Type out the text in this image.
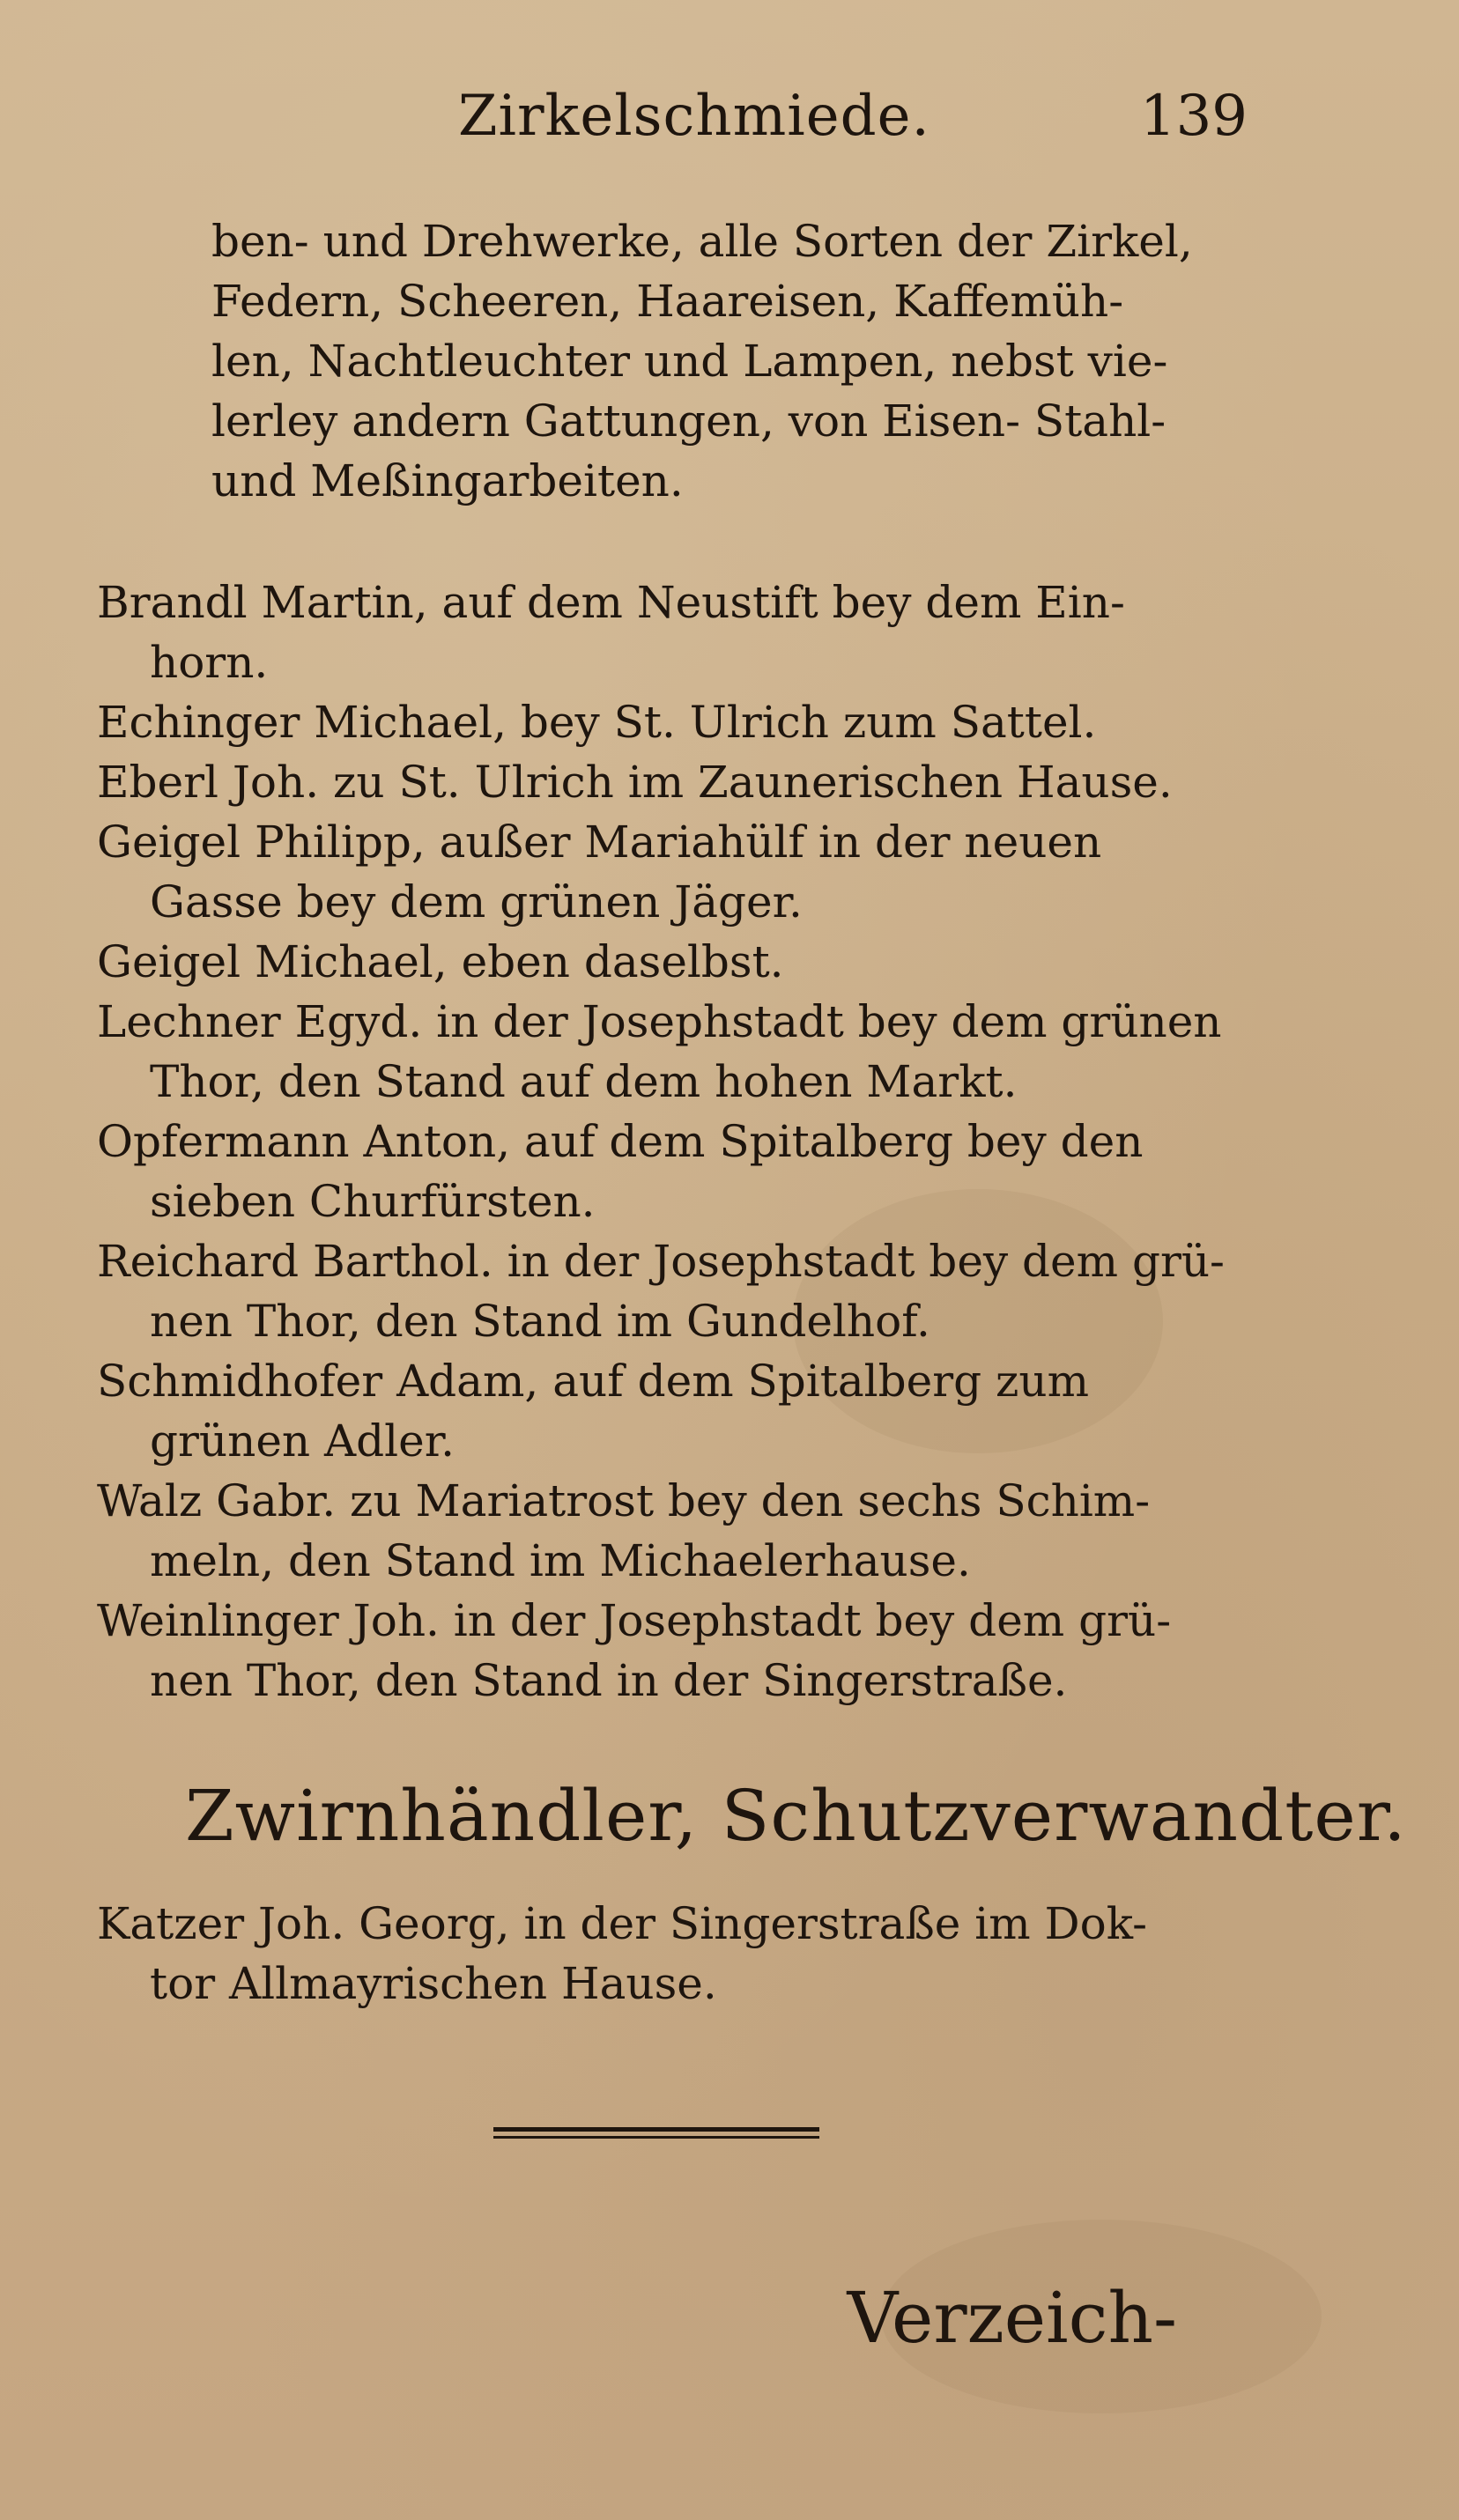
Zirkelschmiede.	139
ben- und Drehwerke, alle Sorten der Zirkel,
Federn, Scheeren, Haareisen, Kaffemüh-
len, Nachtleuchter und Lampen, nebst vie-
lerley andern Gattungen, von Eisen- Stahl-
und Meßingarbeiten.
Brandl Martin, auf dem Neustift bey dem Ein-
horn.
Echinger Michael, bey St. Ulrich zum Sattel.
Eberl Joh. zu St. Ulrich im Zaunerischen Hause.
Geigel Philipp, außer Mariahülf in der neuen
Gasse bey dem grünen Jäger.
Geigel Michael, eben daselbst.
Lechner Egyd. in der Josephstadt bey dem grünen
Thor, den Stand auf dem hohen Markt.
Opfermann Anton, auf dem Spitalberg bey den
sieben Churfürsten.
Reichard Barthol. in der Josephstadt bey dem grü-
nen Thor, den Stand im Gundelhof.
Schmidhofer Adam, auf dem Spitalberg zum
grünen Adler.
Walz Gabr. zu Mariatrost bey den sechs Schim-
meln, den Stand im Michaelerhause.
Weinlinger Joh. in der Josephstadt bey dem grü-
nen Thor, den Stand in der Singerstraße.
Zwirnhändler, Schutzverwandter.
Katzer Joh. Georg, in der Singerstraße im Dok-
tor Allmayrischen Hause.
Verzeich-
